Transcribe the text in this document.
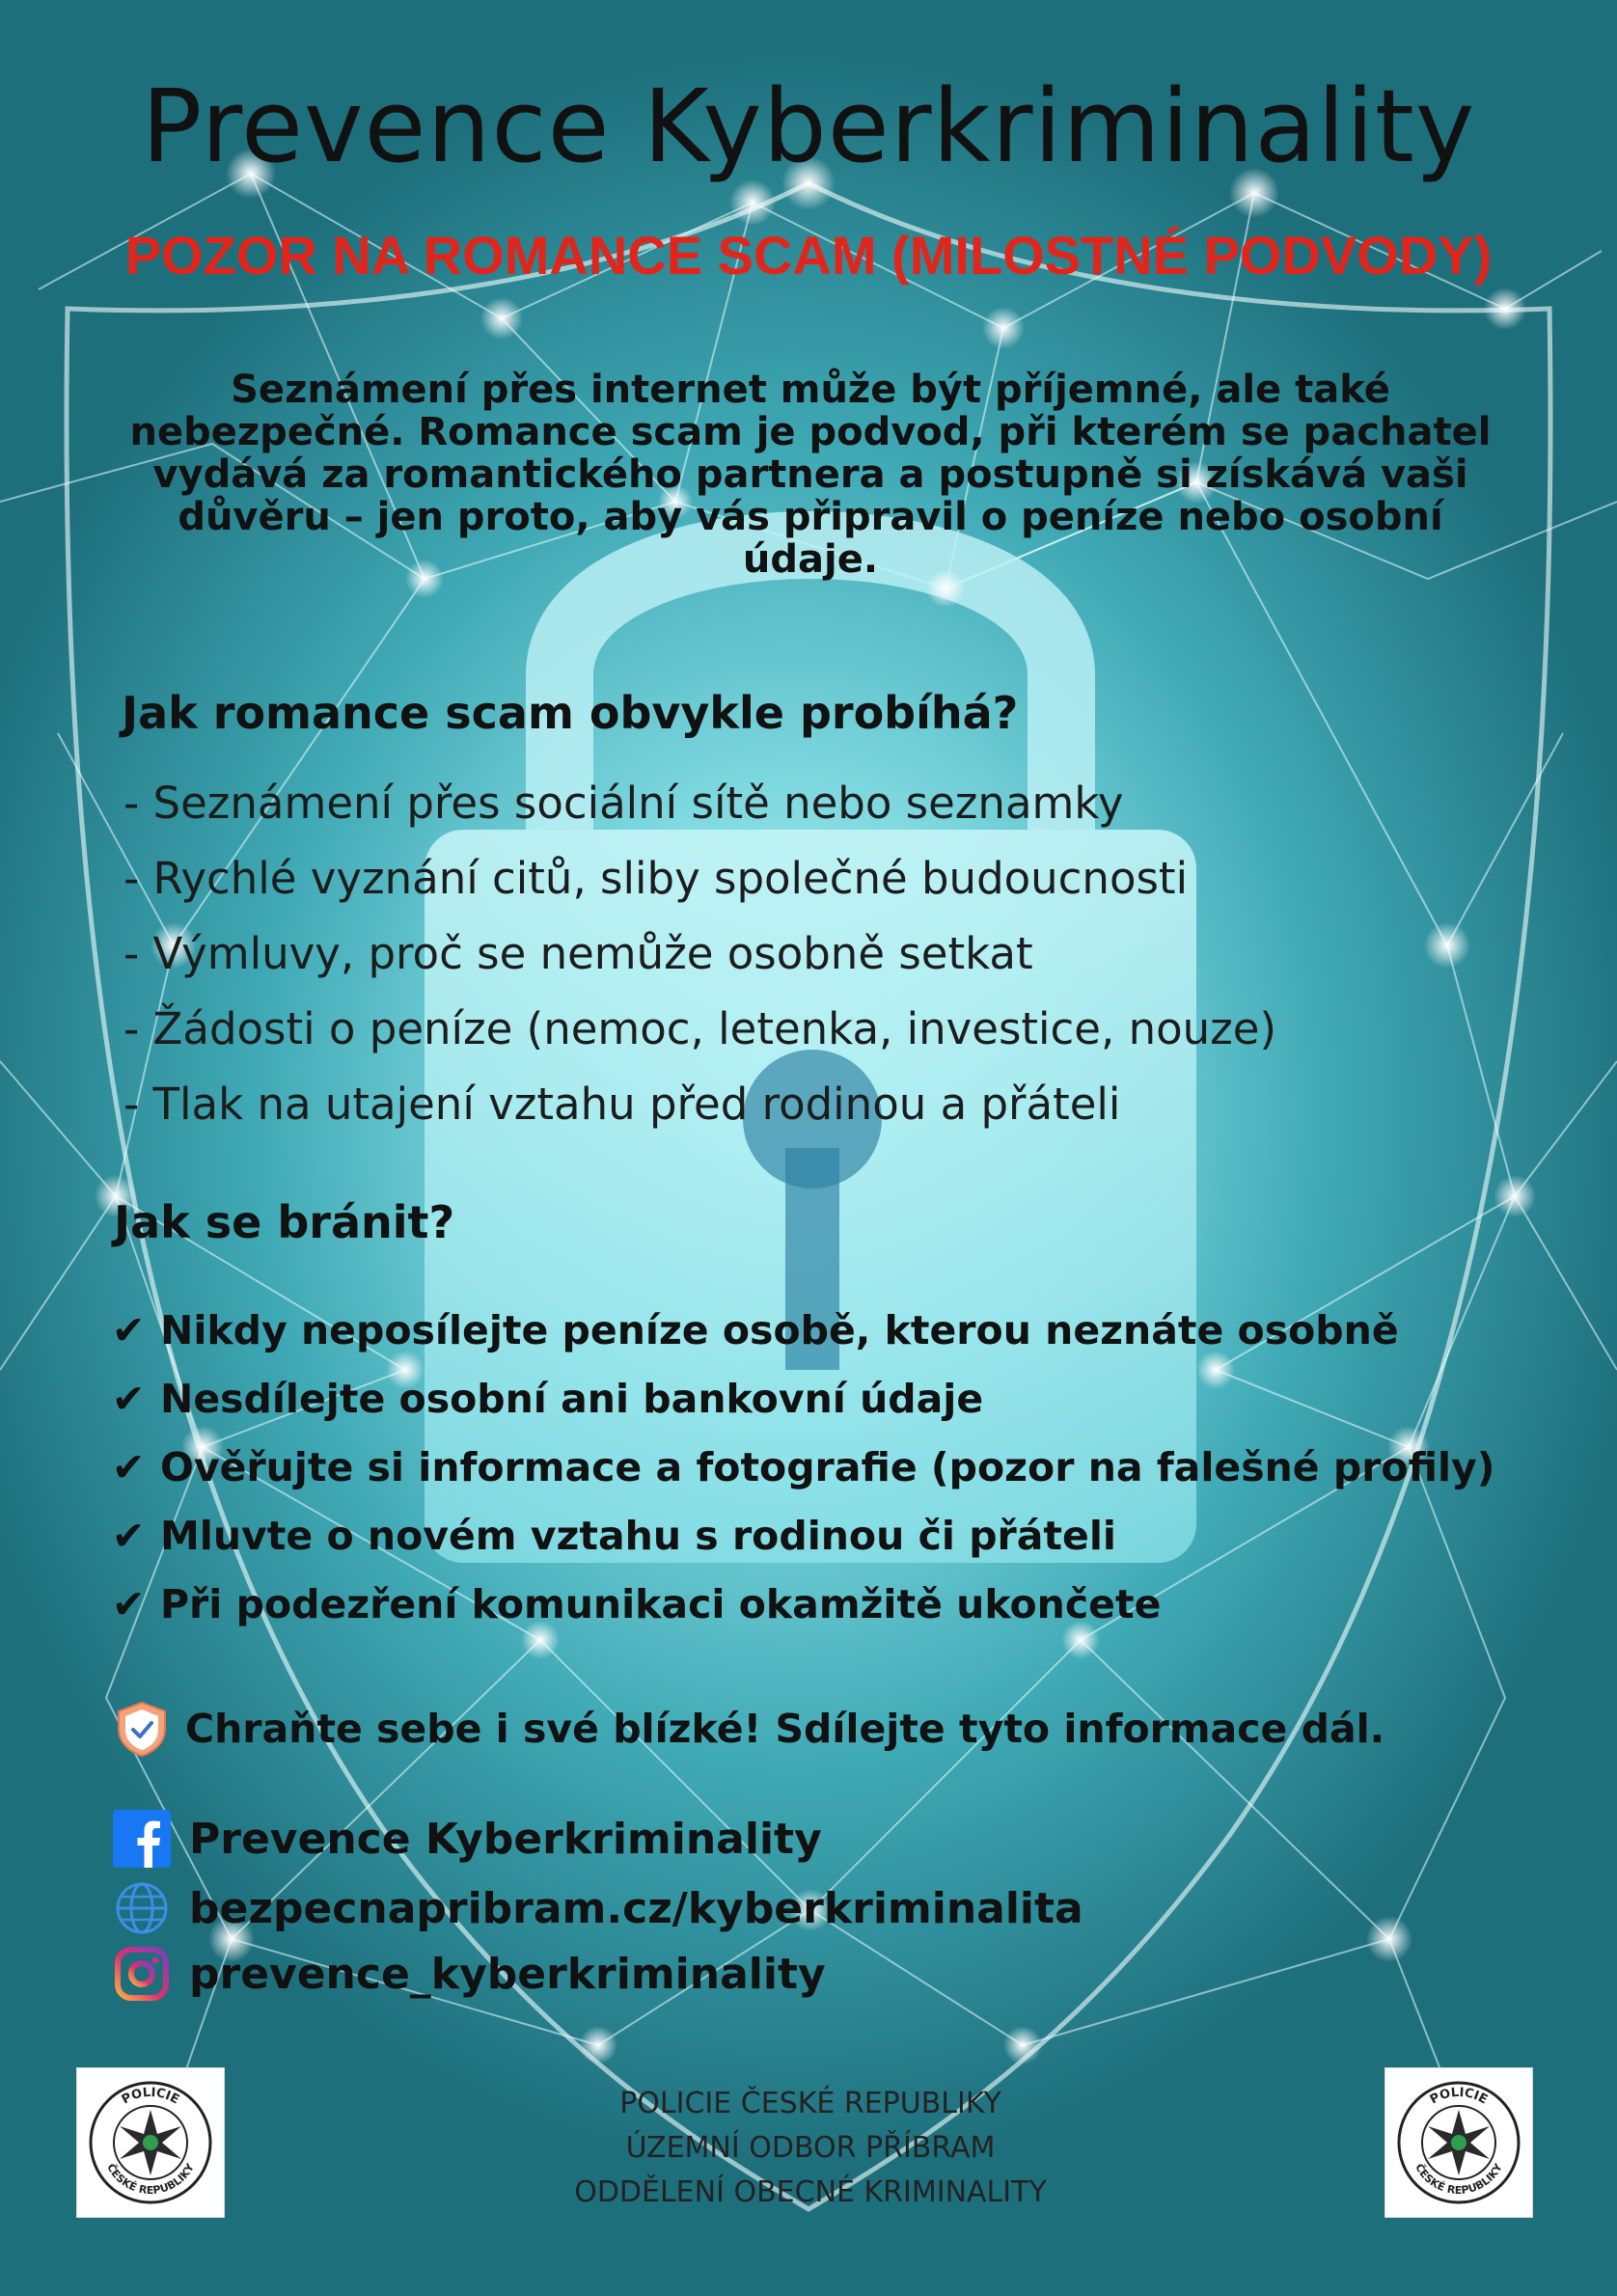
Prevence Kyberkriminality
POZOR NA ROMANCE SCAM (MILOSTNÉ PODVODY)
Seznámení přes internet může být příjemné, ale také
nebezpečné. Romance scam je podvod, při kterém se pachatel
vydává za romantického partnera a postupně si získává vaši
důvěru – jen proto, aby vás připravil o peníze nebo osobní
údaje.
Jak romance scam obvykle probíhá?
- Seznámení přes sociální sítě nebo seznamky
- Rychlé vyznání citů, sliby společné budoucnosti
- Výmluvy, proč se nemůže osobně setkat
- Žádosti o peníze (nemoc, letenka, investice, nouze)
- Tlak na utajení vztahu před rodinou a přáteli
Jak se bránit?
✔ Nikdy neposílejte peníze osobě, kterou neznáte osobně
✔ Nesdílejte osobní ani bankovní údaje
✔ Ověřujte si informace a fotografie (pozor na falešné profily)
✔ Mluvte o novém vztahu s rodinou či přáteli
✔ Při podezření komunikaci okamžitě ukončete
Chraňte sebe i své blízké! Sdílejte tyto informace dál.
Prevence Kyberkriminality
bezpecnapribram.cz/kyberkriminalita
prevence_kyberkriminality
POLICIE
ČESKÉ REPUBLIKY
POLICIE
ČESKÉ REPUBLIKY
POLICIE ČESKÉ REPUBLIKY
ÚZEMNÍ ODBOR PŘÍBRAM
ODDĚLENÍ OBECNÉ KRIMINALITY
